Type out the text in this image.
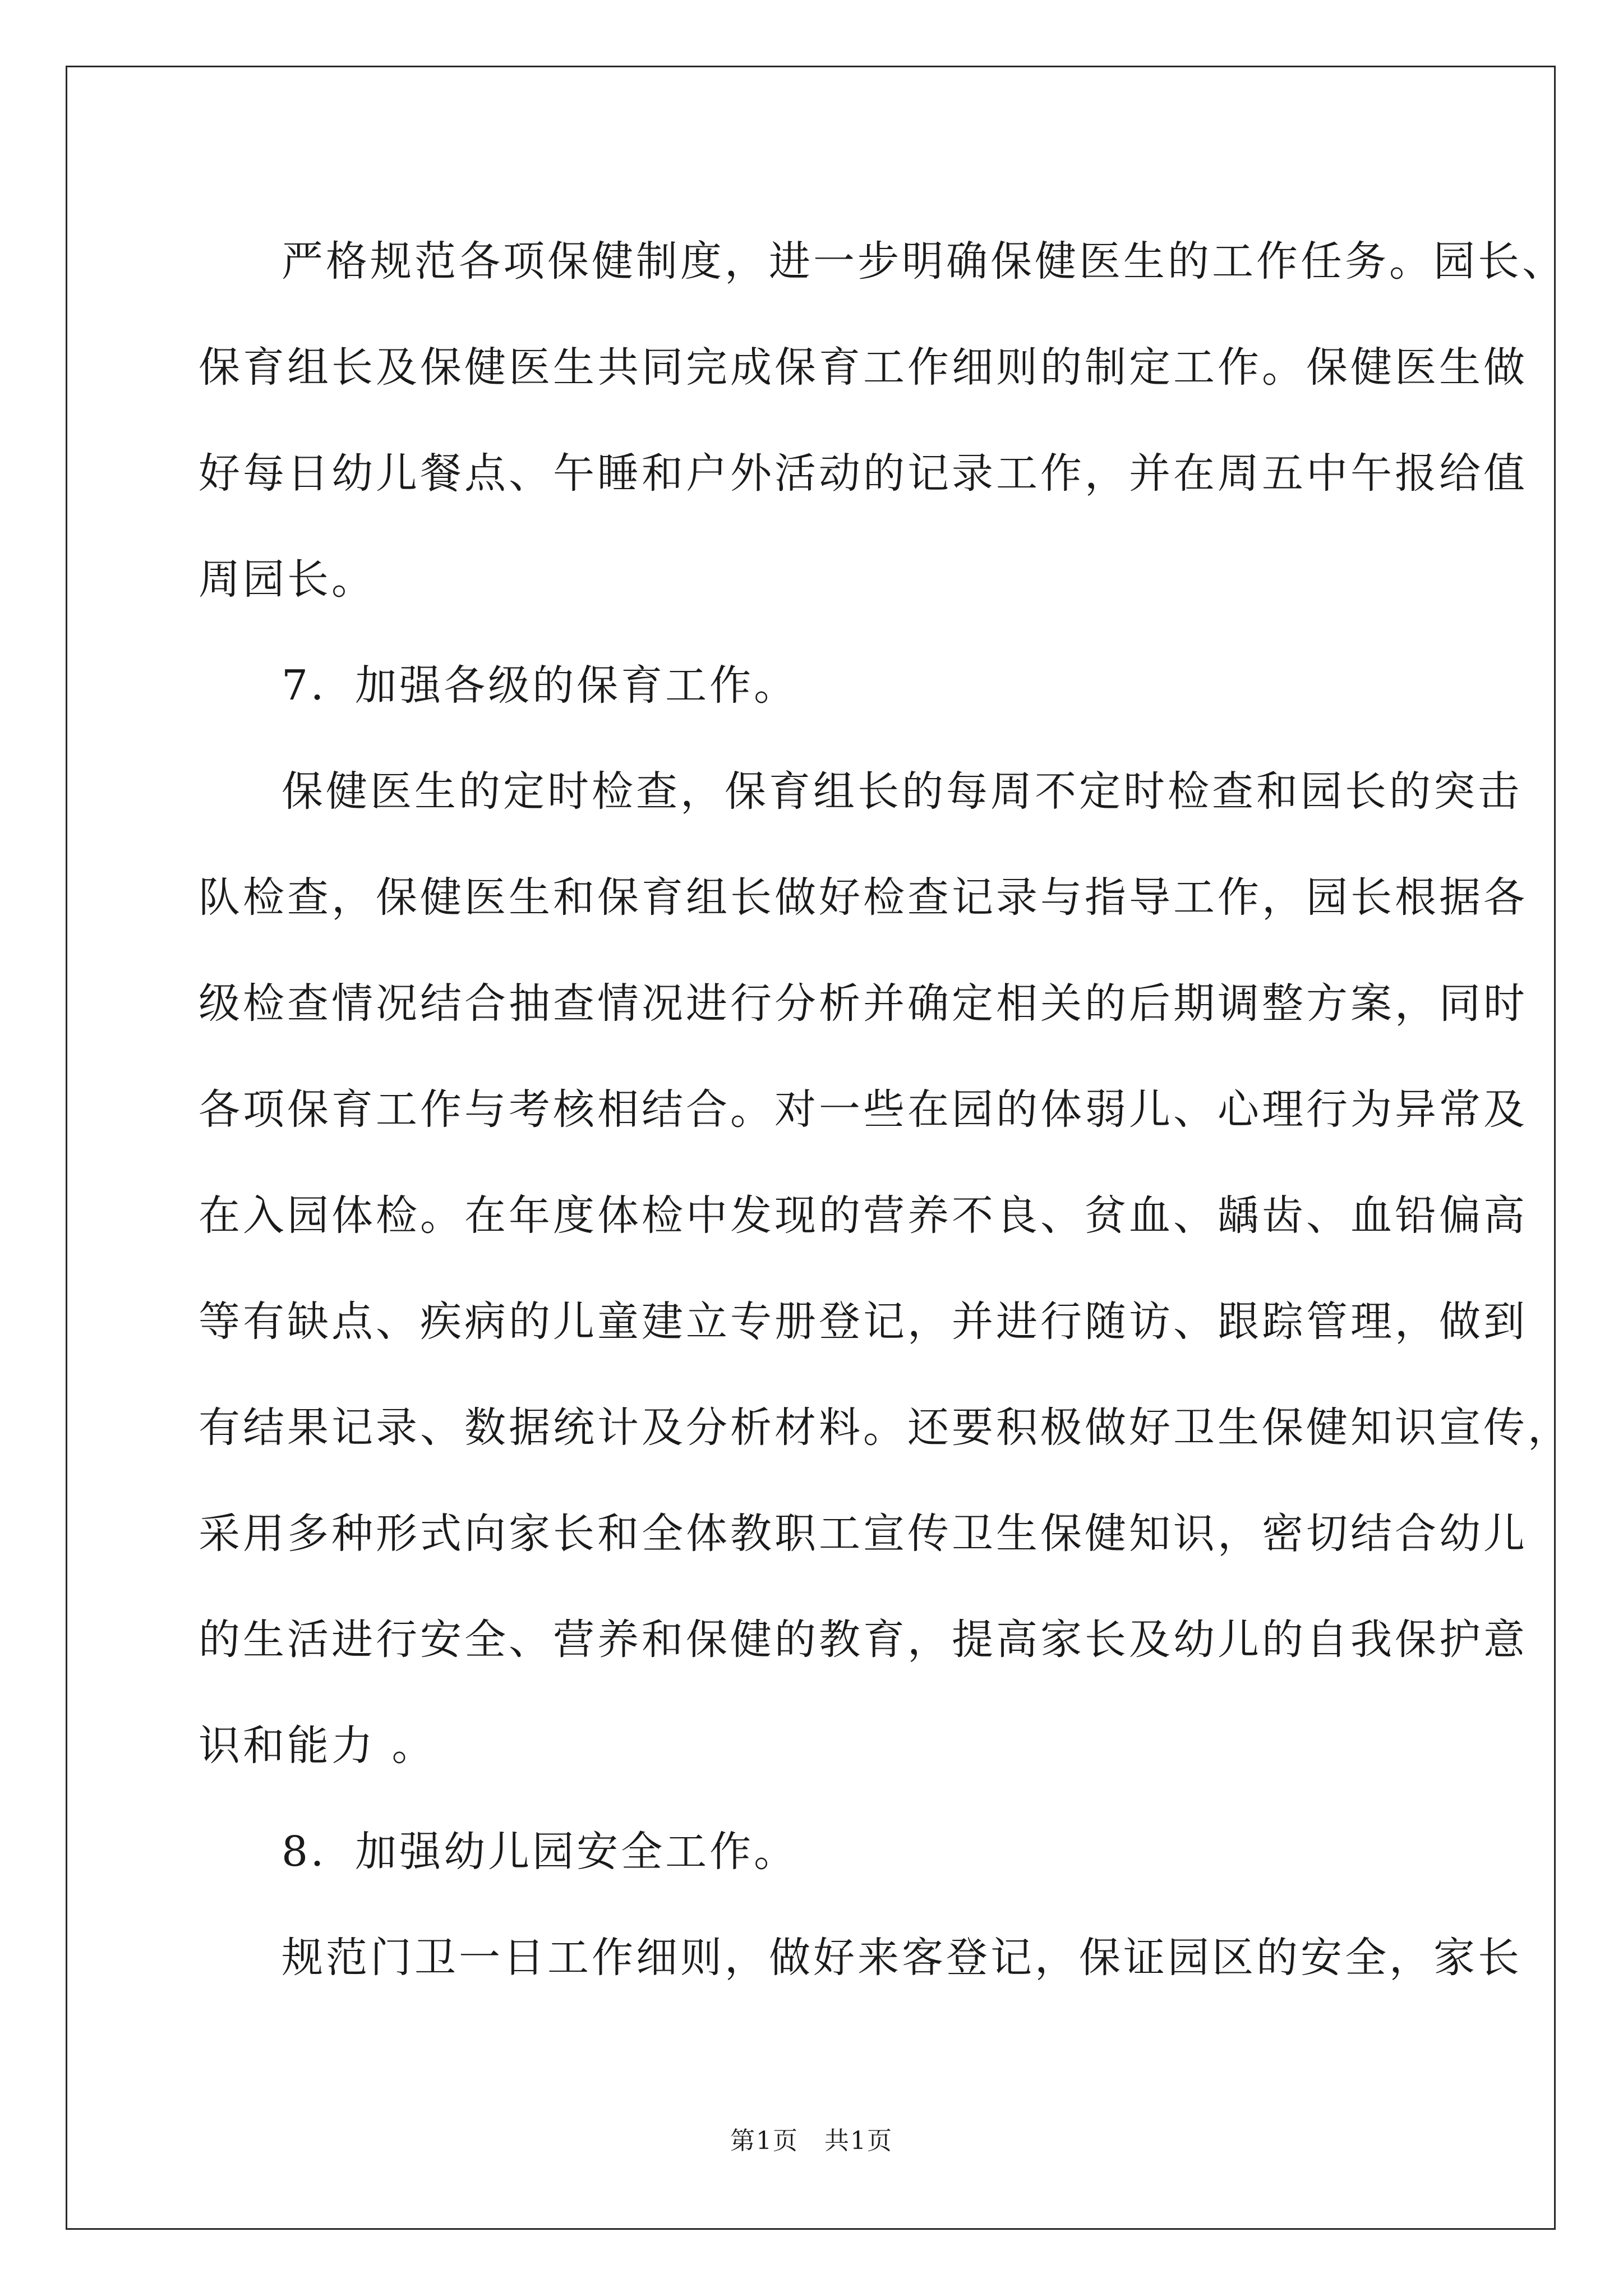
严格规范各项保健制度，进一步明确保健医生的工作任务。园长、
保育组长及保健医生共同完成保育工作细则的制定工作。保健医生做
好每日幼儿餐点、午睡和户外活动的记录工作，并在周五中午报给值
周园长。
7．加强各级的保育工作。
保健医生的定时检查，保育组长的每周不定时检查和园长的突击
队检查，保健医生和保育组长做好检查记录与指导工作，园长根据各
级检查情况结合抽查情况进行分析并确定相关的后期调整方案，同时
各项保育工作与考核相结合。对一些在园的体弱儿、心理行为异常及
在入园体检。在年度体检中发现的营养不良、贫血、龋齿、血铅偏高
等有缺点、疾病的儿童建立专册登记，并进行随访、跟踪管理，做到
有结果记录、数据统计及分析材料。还要积极做好卫生保健知识宣传，
采用多种形式向家长和全体教职工宣传卫生保健知识，密切结合幼儿
的生活进行安全、营养和保健的教育，提高家长及幼儿的自我保护意
识和能力 。
8．加强幼儿园安全工作。
规范门卫一日工作细则，做好来客登记，保证园区的安全，家长
第1页　共1页
